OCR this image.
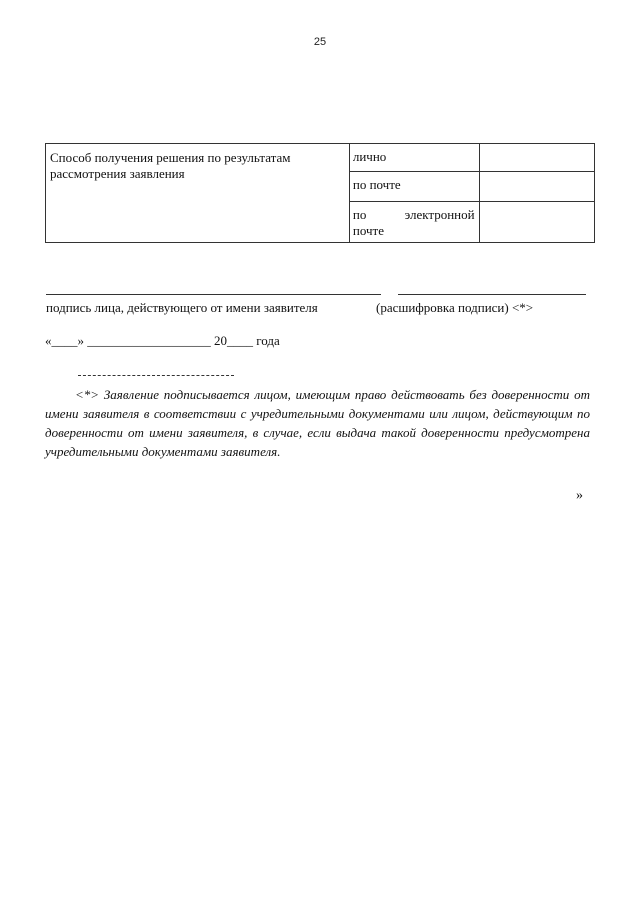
25
Способ получения решения по результатам рассмотрения заявления	лично	
	по почте	

	по электронной
почте	
подпись лица, действующего от имени заявителя	(расшифровка подписи) <*>
«____» ___________________ 20____ года
<*> Заявление подписывается лицом, имеющим право действовать без доверенности от имени заявителя в соответствии с учредительными документами или лицом, действующим по доверенности от имени заявителя, в случае, если выдача такой доверенности предусмотрена учредительными документами заявителя.
»
